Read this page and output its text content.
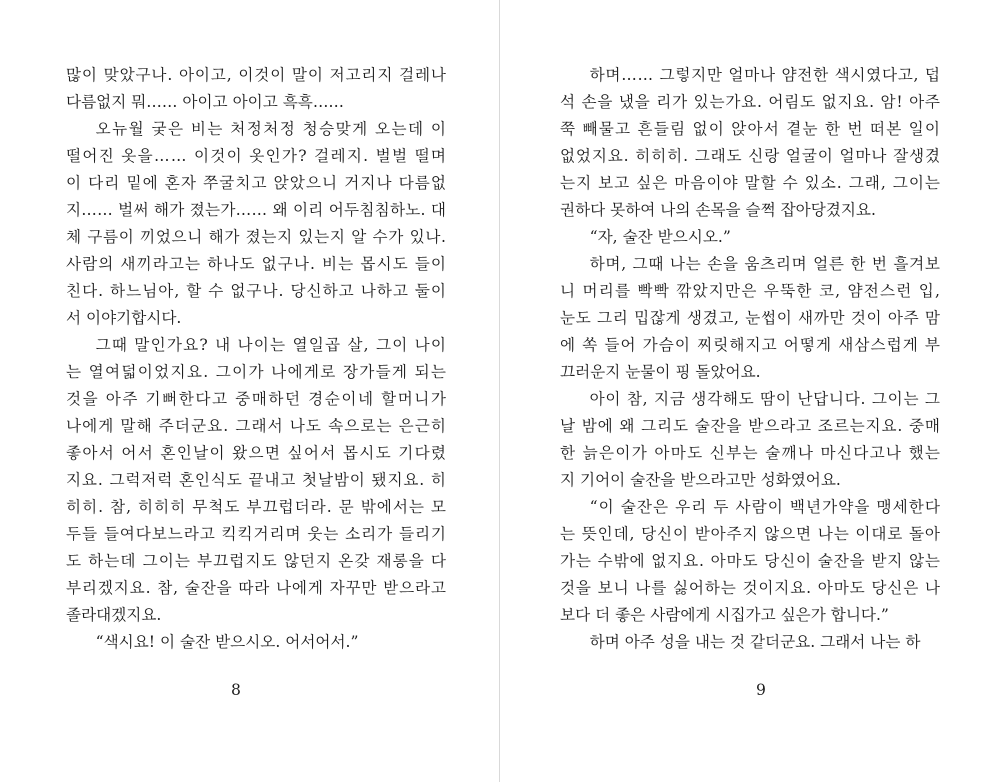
많이 맞았구나. 아이고, 이것이 말이 저고리지 걸레나
다름없지 뭐…… 아이고 아이고 흑흑……
오뉴월 궂은 비는 처정처정 청승맞게 오는데 이
떨어진 옷을…… 이것이 옷인가? 걸레지. 벌벌 떨며
이 다리 밑에 혼자 쭈굴치고 앉았으니 거지나 다름없
지…… 벌써 해가 졌는가…… 왜 이리 어두침침하노. 대
체 구름이 끼었으니 해가 졌는지 있는지 알 수가 있나.
사람의 새끼라고는 하나도 없구나. 비는 몹시도 들이
친다. 하느님아, 할 수 없구나. 당신하고 나하고 둘이
서 이야기합시다.
그때 말인가요? 내 나이는 열일곱 살, 그이 나이
는 열여덟이었지요. 그이가 나에게로 장가들게 되는
것을 아주 기뻐한다고 중매하던 경순이네 할머니가
나에게 말해 주더군요. 그래서 나도 속으로는 은근히
좋아서 어서 혼인날이 왔으면 싶어서 몹시도 기다렸
지요. 그럭저럭 혼인식도 끝내고 첫날밤이 됐지요. 히
히히. 참, 히히히 무척도 부끄럽더라. 문 밖에서는 모
두들 들여다보느라고 킥킥거리며 웃는 소리가 들리기
도 하는데 그이는 부끄럽지도 않던지 온갖 재롱을 다
부리겠지요. 참, 술잔을 따라 나에게 자꾸만 받으라고
졸라대겠지요.
“색시요! 이 술잔 받으시오. 어서어서.”
8
하며…… 그렇지만 얼마나 얌전한 색시였다고, 덥
석 손을 냈을 리가 있는가요. 어림도 없지요. 암! 아주
쭉 빼물고 흔들림 없이 앉아서 곁눈 한 번 떠본 일이
없었지요. 히히히. 그래도 신랑 얼굴이 얼마나 잘생겼
는지 보고 싶은 마음이야 말할 수 있소. 그래, 그이는
권하다 못하여 나의 손목을 슬쩍 잡아당겼지요.
“자, 술잔 받으시오.”
하며, 그때 나는 손을 움츠리며 얼른 한 번 흘겨보
니 머리를 빡빡 깎았지만은 우뚝한 코, 얌전스런 입,
눈도 그리 밉잖게 생겼고, 눈썹이 새까만 것이 아주 맘
에 쏙 들어 가슴이 찌릿해지고 어떻게 새삼스럽게 부
끄러운지 눈물이 핑 돌았어요.
아이 참, 지금 생각해도 땀이 난답니다. 그이는 그
날 밤에 왜 그리도 술잔을 받으라고 조르는지요. 중매
한 늙은이가 아마도 신부는 술깨나 마신다고나 했는
지 기어이 술잔을 받으라고만 성화였어요.
“이 술잔은 우리 두 사람이 백년가약을 맹세한다
는 뜻인데, 당신이 받아주지 않으면 나는 이대로 돌아
가는 수밖에 없지요. 아마도 당신이 술잔을 받지 않는
것을 보니 나를 싫어하는 것이지요. 아마도 당신은 나
보다 더 좋은 사람에게 시집가고 싶은가 합니다.”
하며 아주 성을 내는 것 같더군요. 그래서 나는 하
9
